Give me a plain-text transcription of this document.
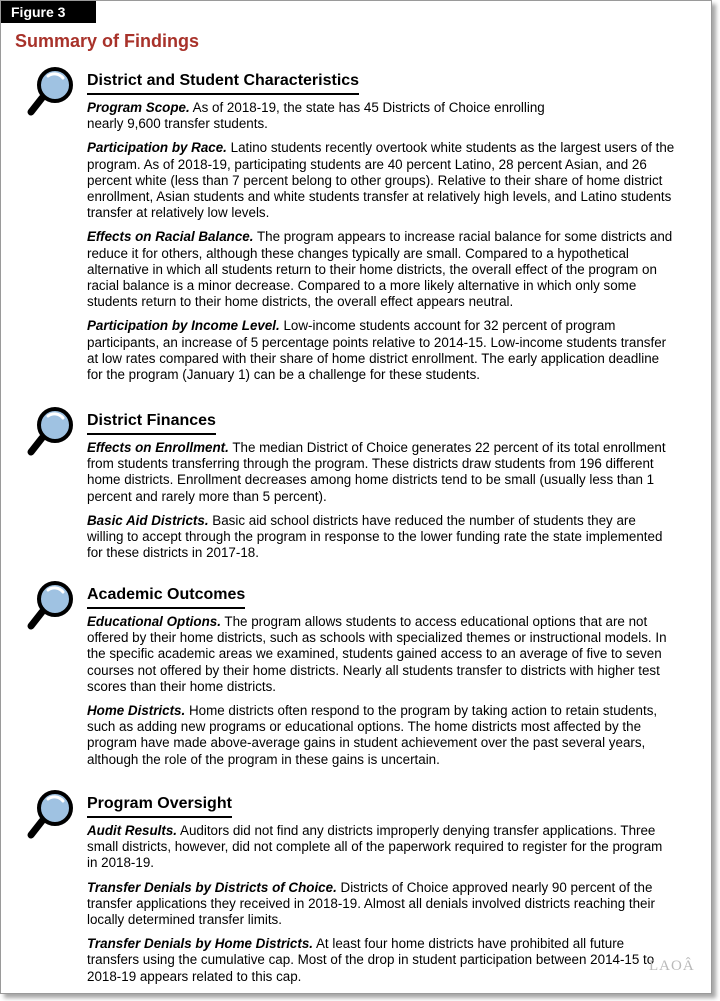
Figure 3
Summary of Findings
District and Student Characteristics

Program Scope. As of 2018-19, the state has 45 Districts of Choice enrolling nearly 9,600 transfer students.

Participation by Race. Latino students recently overtook white students as the largest users of the program. As of 2018-19, participating students are 40 percent Latino, 28 percent Asian, and 26 percent white (less than 7 percent belong to other groups). Relative to their share of home district enrollment, Asian students and white students transfer at relatively high levels, and Latino students transfer at relatively low levels.

Effects on Racial Balance. The program appears to increase racial balance for some districts and reduce it for others, although these changes typically are small. Compared to a hypothetical alternative in which all students return to their home districts, the overall effect of the program on racial balance is a minor decrease. Compared to a more likely alternative in which only some students return to their home districts, the overall effect appears neutral.

Participation by Income Level. Low-income students account for 32 percent of program participants, an increase of 5 percentage points relative to 2014-15. Low-income students transfer at low rates compared with their share of home district enrollment. The early application deadline for the program (January 1) can be a challenge for these students.

District Finances

Effects on Enrollment. The median District of Choice generates 22 percent of its total enrollment from students transferring through the program. These districts draw students from 196 different home districts. Enrollment decreases among home districts tend to be small (usually less than 1 percent and rarely more than 5 percent).

Basic Aid Districts. Basic aid school districts have reduced the number of students they are willing to accept through the program in response to the lower funding rate the state implemented for these districts in 2017-18.

Academic Outcomes

Educational Options. The program allows students to access educational options that are not offered by their home districts, such as schools with specialized themes or instructional models. In the specific academic areas we examined, students gained access to an average of five to seven courses not offered by their home districts. Nearly all students transfer to districts with higher test scores than their home districts.

Home Districts. Home districts often respond to the program by taking action to retain students, such as adding new programs or educational options. The home districts most affected by the program have made above-average gains in student achievement over the past several years, although the role of the program in these gains is uncertain.

Program Oversight

Audit Results. Auditors did not find any districts improperly denying transfer applications. Three small districts, however, did not complete all of the paperwork required to register for the program in 2018-19.

Transfer Denials by Districts of Choice. Districts of Choice approved nearly 90 percent of the transfer applications they received in 2018-19. Almost all denials involved districts reaching their locally determined transfer limits.

Transfer Denials by Home Districts. At least four home districts have prohibited all future transfers using the cumulative cap. Most of the drop in student participation between 2014-15 to 2018-19 appears related to this cap.

LAOÂ
